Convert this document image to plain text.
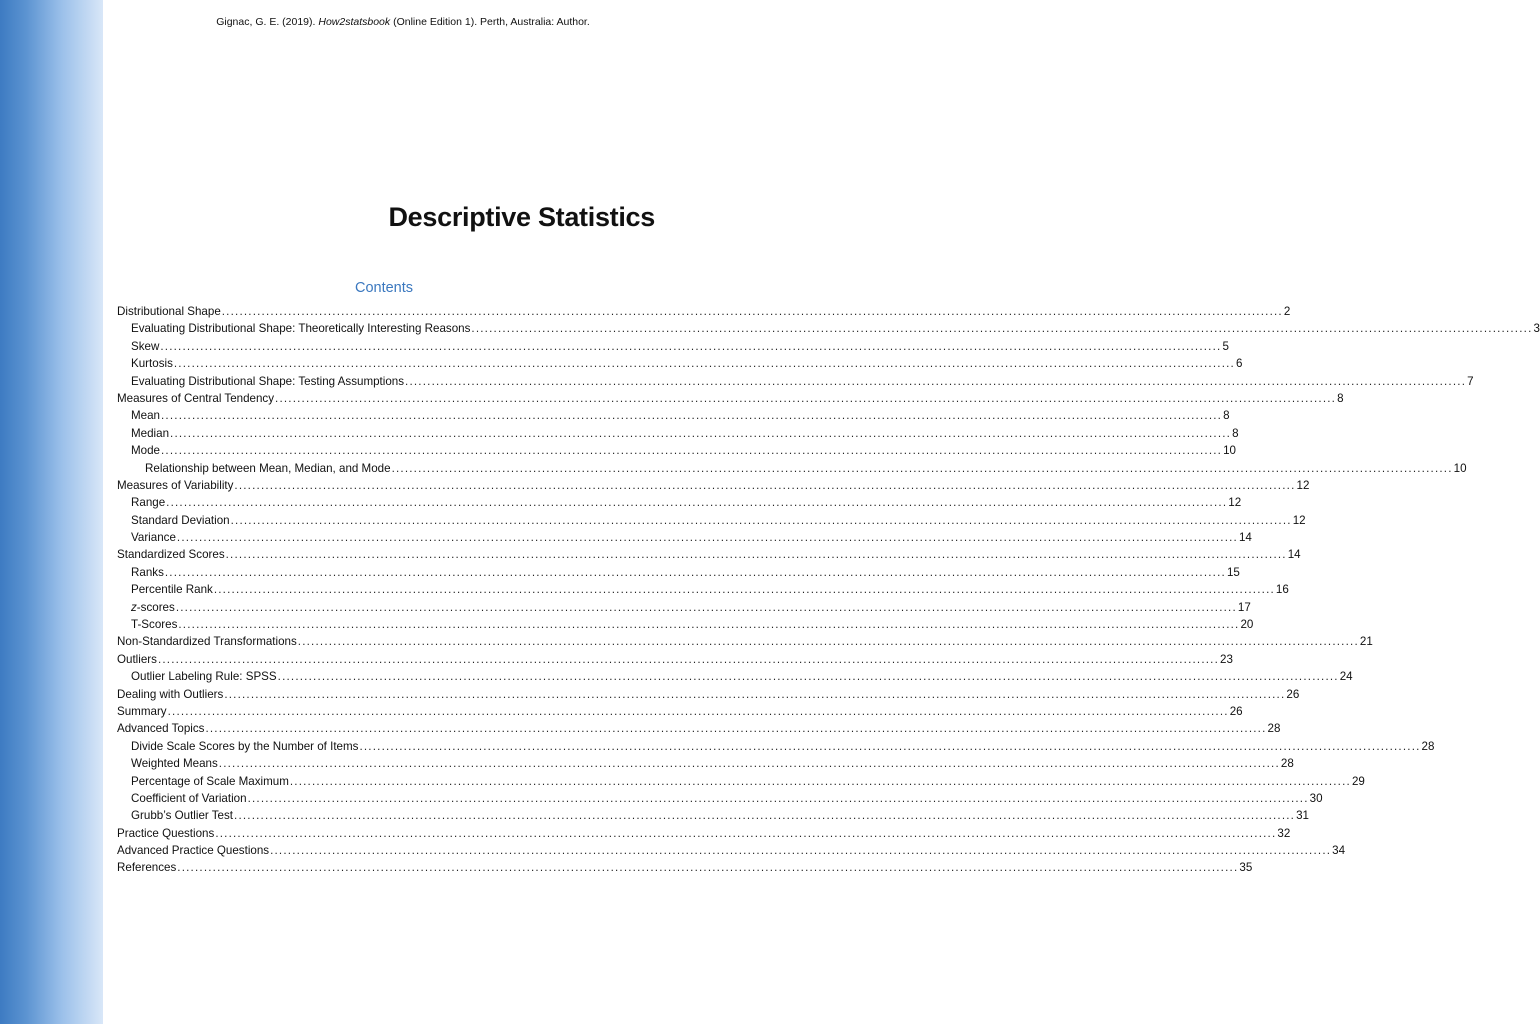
Gignac, G. E. (2019). How2statsbook (Online Edition 1). Perth, Australia: Author.
Descriptive Statistics
Contents
Distributional Shape ................................................................................................................................................................................................................................................ 2
Evaluating Distributional Shape: Theoretically Interesting Reasons ................................................................................................................................................................................................................................................ 3
Skew ................................................................................................................................................................................................................................................ 5
Kurtosis ................................................................................................................................................................................................................................................ 6
Evaluating Distributional Shape: Testing Assumptions ................................................................................................................................................................................................................................................ 7
Measures of Central Tendency ................................................................................................................................................................................................................................................ 8
Mean ................................................................................................................................................................................................................................................ 8
Median ................................................................................................................................................................................................................................................ 8
Mode ................................................................................................................................................................................................................................................ 10
Relationship between Mean, Median, and Mode ................................................................................................................................................................................................................................................ 10
Measures of Variability ................................................................................................................................................................................................................................................ 12
Range ................................................................................................................................................................................................................................................ 12
Standard Deviation ................................................................................................................................................................................................................................................ 12
Variance ................................................................................................................................................................................................................................................ 14
Standardized Scores ................................................................................................................................................................................................................................................ 14
Ranks ................................................................................................................................................................................................................................................ 15
Percentile Rank ................................................................................................................................................................................................................................................ 16
z-scores ................................................................................................................................................................................................................................................ 17
T-Scores ................................................................................................................................................................................................................................................ 20
Non-Standardized Transformations ................................................................................................................................................................................................................................................ 21
Outliers ................................................................................................................................................................................................................................................ 23
Outlier Labeling Rule: SPSS ................................................................................................................................................................................................................................................ 24
Dealing with Outliers ................................................................................................................................................................................................................................................ 26
Summary ................................................................................................................................................................................................................................................ 26
Advanced Topics ................................................................................................................................................................................................................................................ 28
Divide Scale Scores by the Number of Items ................................................................................................................................................................................................................................................ 28
Weighted Means ................................................................................................................................................................................................................................................ 28
Percentage of Scale Maximum ................................................................................................................................................................................................................................................ 29
Coefficient of Variation ................................................................................................................................................................................................................................................ 30
Grubb’s Outlier Test ................................................................................................................................................................................................................................................ 31
Practice Questions ................................................................................................................................................................................................................................................ 32
Advanced Practice Questions ................................................................................................................................................................................................................................................ 34
References ................................................................................................................................................................................................................................................ 35
